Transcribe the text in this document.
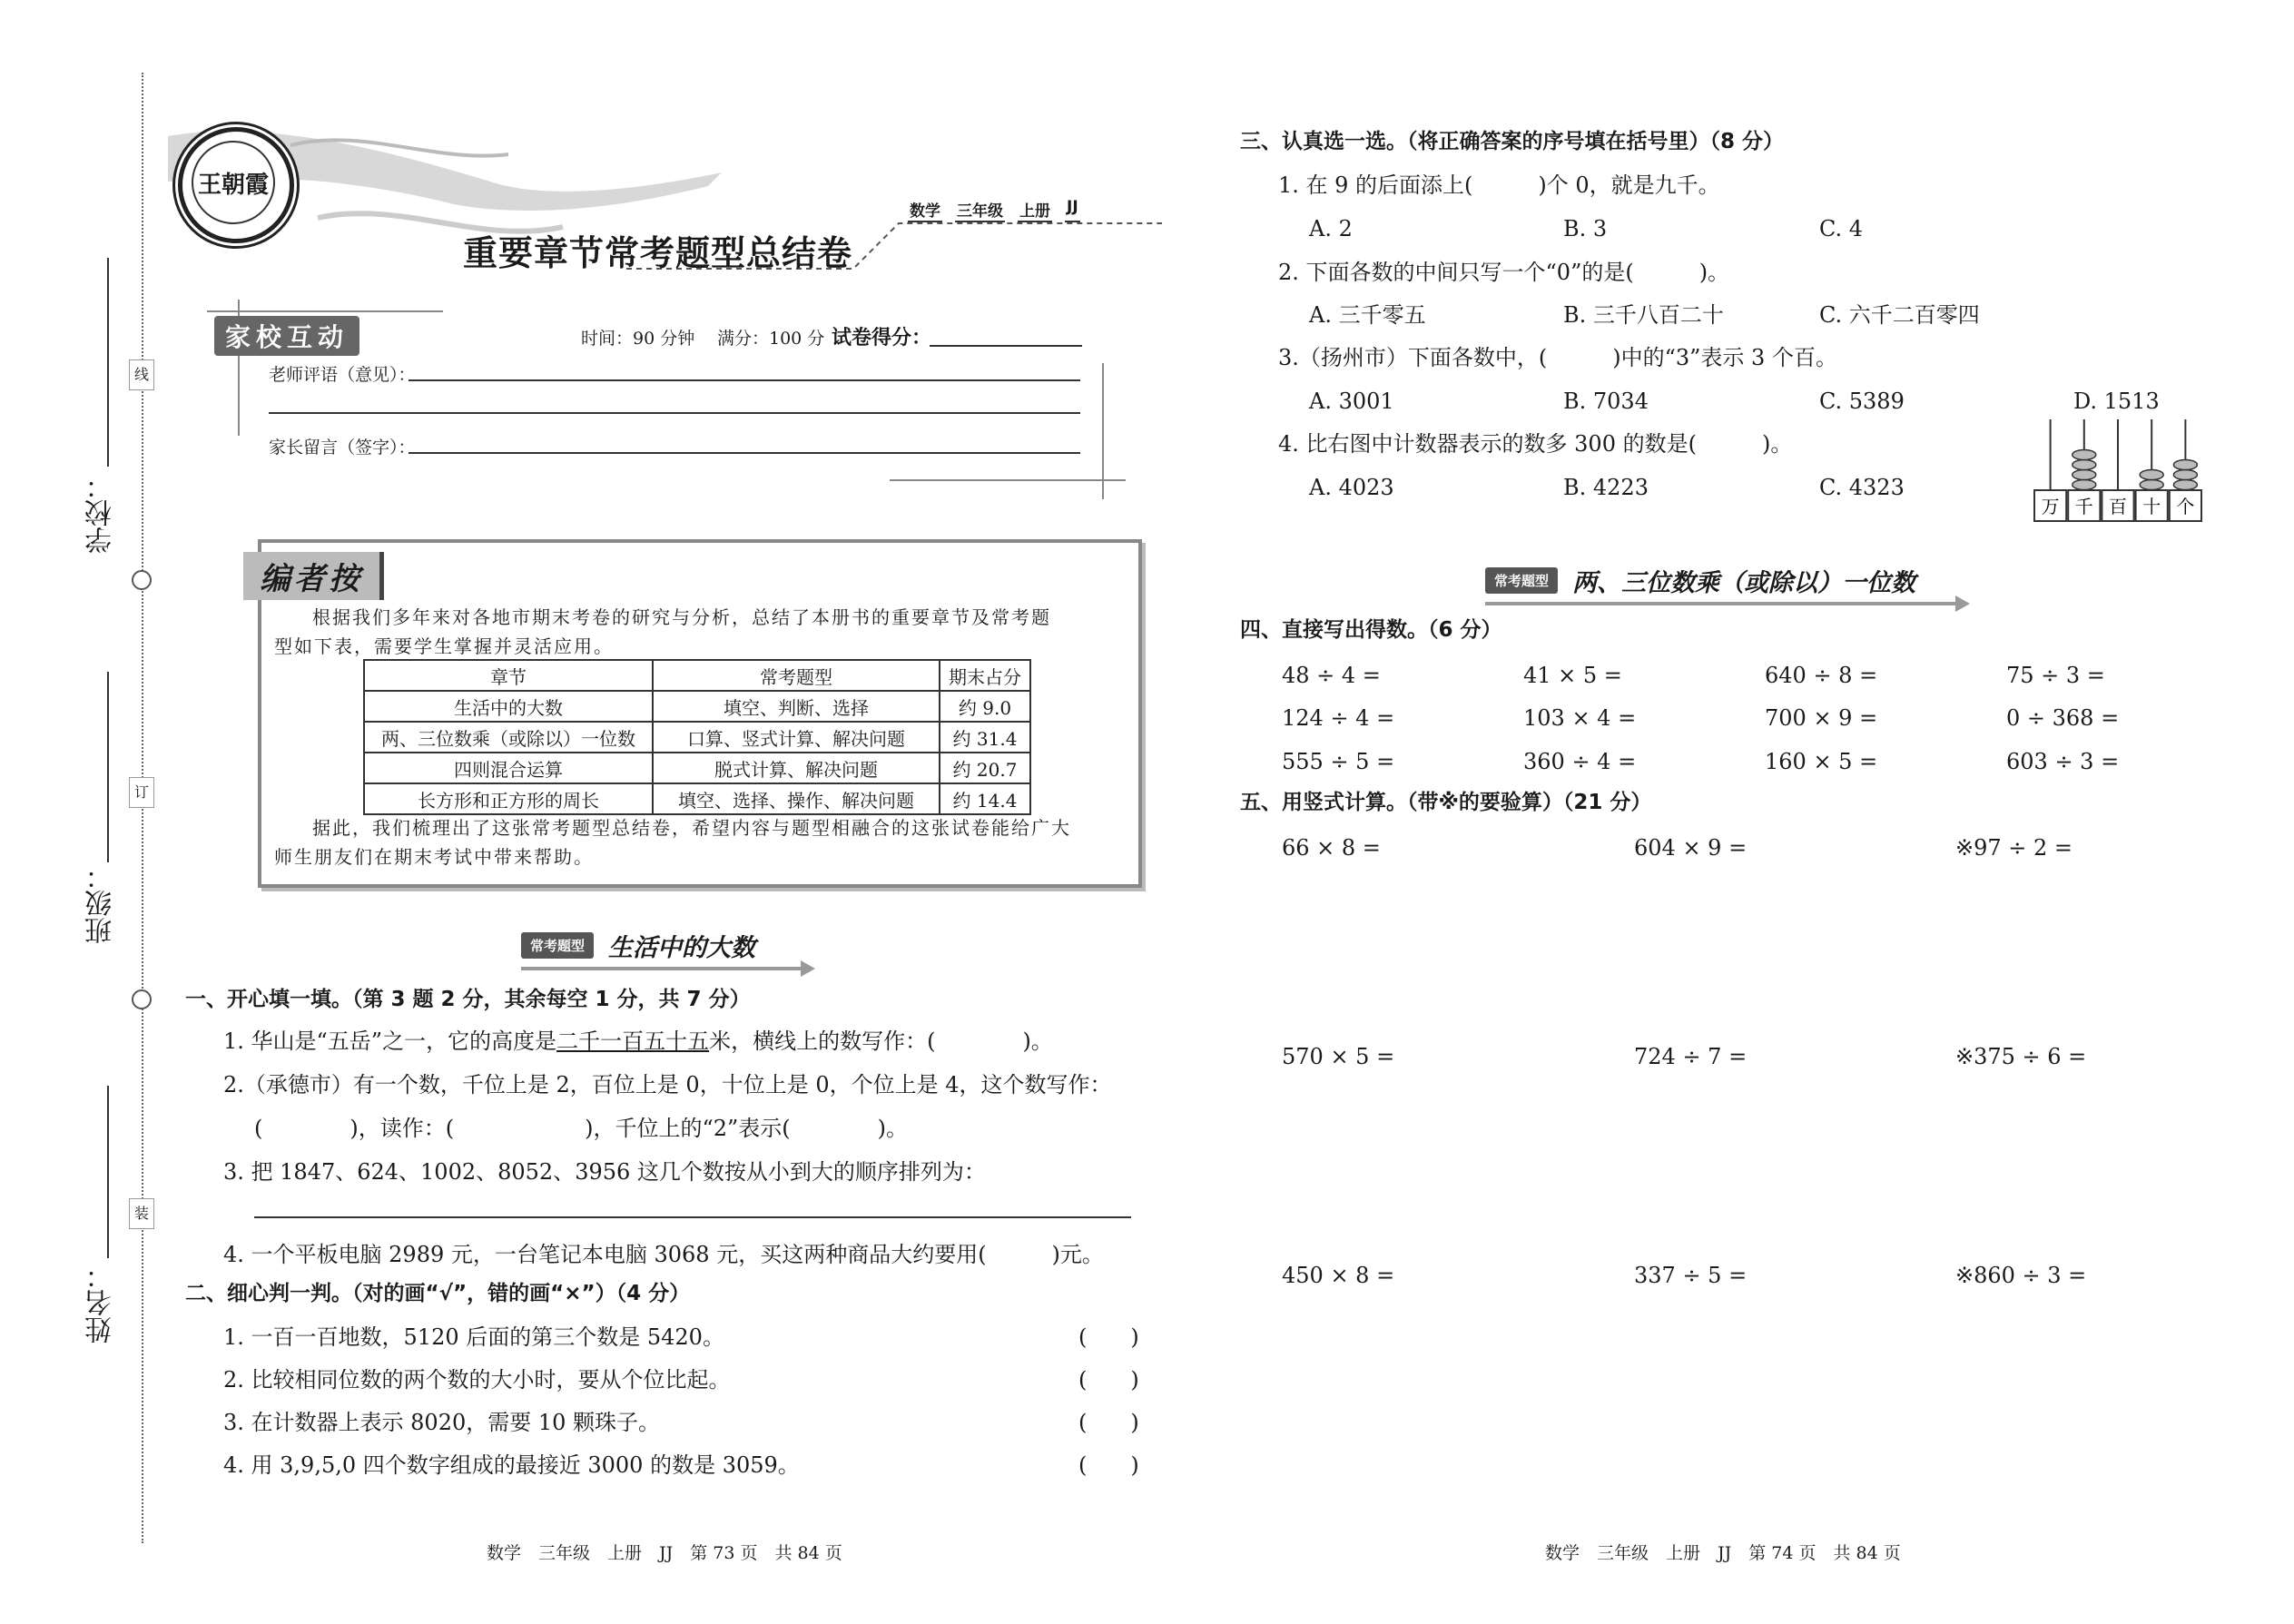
线
订
装
学校：
班级：
姓名：
王朝霞
数学 三年级 上册 JJ
重要章节常考题型总结卷
家校互动	时间：90 分钟 满分：100 分 试卷得分：
老师评语（意见）：
家长留言（签字）：
编者按

根据我们多年来对各地市期末考卷的研究与分析，总结了本册书的重要章节及常考题

型如下表，需要学生掌握并灵活应用。

章节	常考题型	期末占分
生活中的大数	填空、判断、选择	约 9.0
两、三位数乘（或除以）一位数	口算、竖式计算、解决问题	约 31.4
四则混合运算	脱式计算、解决问题	约 20.7
长方形和正方形的周长	填空、选择、操作、解决问题	约 14.4

据此，我们梳理出了这张常考题型总结卷，希望内容与题型相融合的这张试卷能给广大

师生朋友们在期末考试中带来帮助。

常考题型 生活中的大数
一、开心填一填。（第 3 题 2 分，其余每空 1 分，共 7 分）
1. 华山是“五岳”之一，它的高度是二千一百五十五米，横线上的数写作：(　　　　)。
2.（承德市）有一个数，千位上是 2，百位上是 0，十位上是 0，个位上是 4，这个数写作：
(　　　　)，读作：(　　　　　　)，千位上的“2”表示(　　　　)。
3. 把 1847、624、1002、8052、3956 这几个数按从小到大的顺序排列为：
4. 一个平板电脑 2989 元，一台笔记本电脑 3068 元，买这两种商品大约要用(　　　)元。
二、细心判一判。（对的画“√”，错的画“×”）（4 分）
1. 一百一百地数，5120 后面的第三个数是 5420。	(　　)
2. 比较相同位数的两个数的大小时，要从个位比起。	(　　)
3. 在计数器上表示 8020，需要 10 颗珠子。	(　　)
4. 用 3,9,5,0 四个数字组成的最接近 3000 的数是 3059。	(　　)
数学　三年级　上册　JJ　第 73 页　共 84 页
三、认真选一选。（将正确答案的序号填在括号里）（8 分）
1. 在 9 的后面添上(　　　)个 0，就是九千。
A. 2	B. 3	C. 4
2. 下面各数的中间只写一个“0”的是(　　　)。
A. 三千零五	B. 三千八百二十	C. 六千二百零四
3.（扬州市）下面各数中，(　　　)中的“3”表示 3 个百。
A. 3001	B. 7034	C. 5389	D. 1513
4. 比右图中计数器表示的数多 300 的数是(　　　)。
A. 4023	B. 4223	C. 4323
万 千 百 十 个
常考题型 两、三位数乘（或除以）一位数
四、直接写出得数。（6 分）
48 ÷ 4 =	41 × 5 =	640 ÷ 8 =	75 ÷ 3 =
124 ÷ 4 =	103 × 4 =	700 × 9 =	0 ÷ 368 =
555 ÷ 5 =	360 ÷ 4 =	160 × 5 =	603 ÷ 3 =
五、用竖式计算。（带※的要验算）（21 分）
66 × 8 =	604 × 9 =	※97 ÷ 2 =
570 × 5 =	724 ÷ 7 =	※375 ÷ 6 =
450 × 8 =	337 ÷ 5 =	※860 ÷ 3 =
数学　三年级　上册　JJ　第 74 页　共 84 页
